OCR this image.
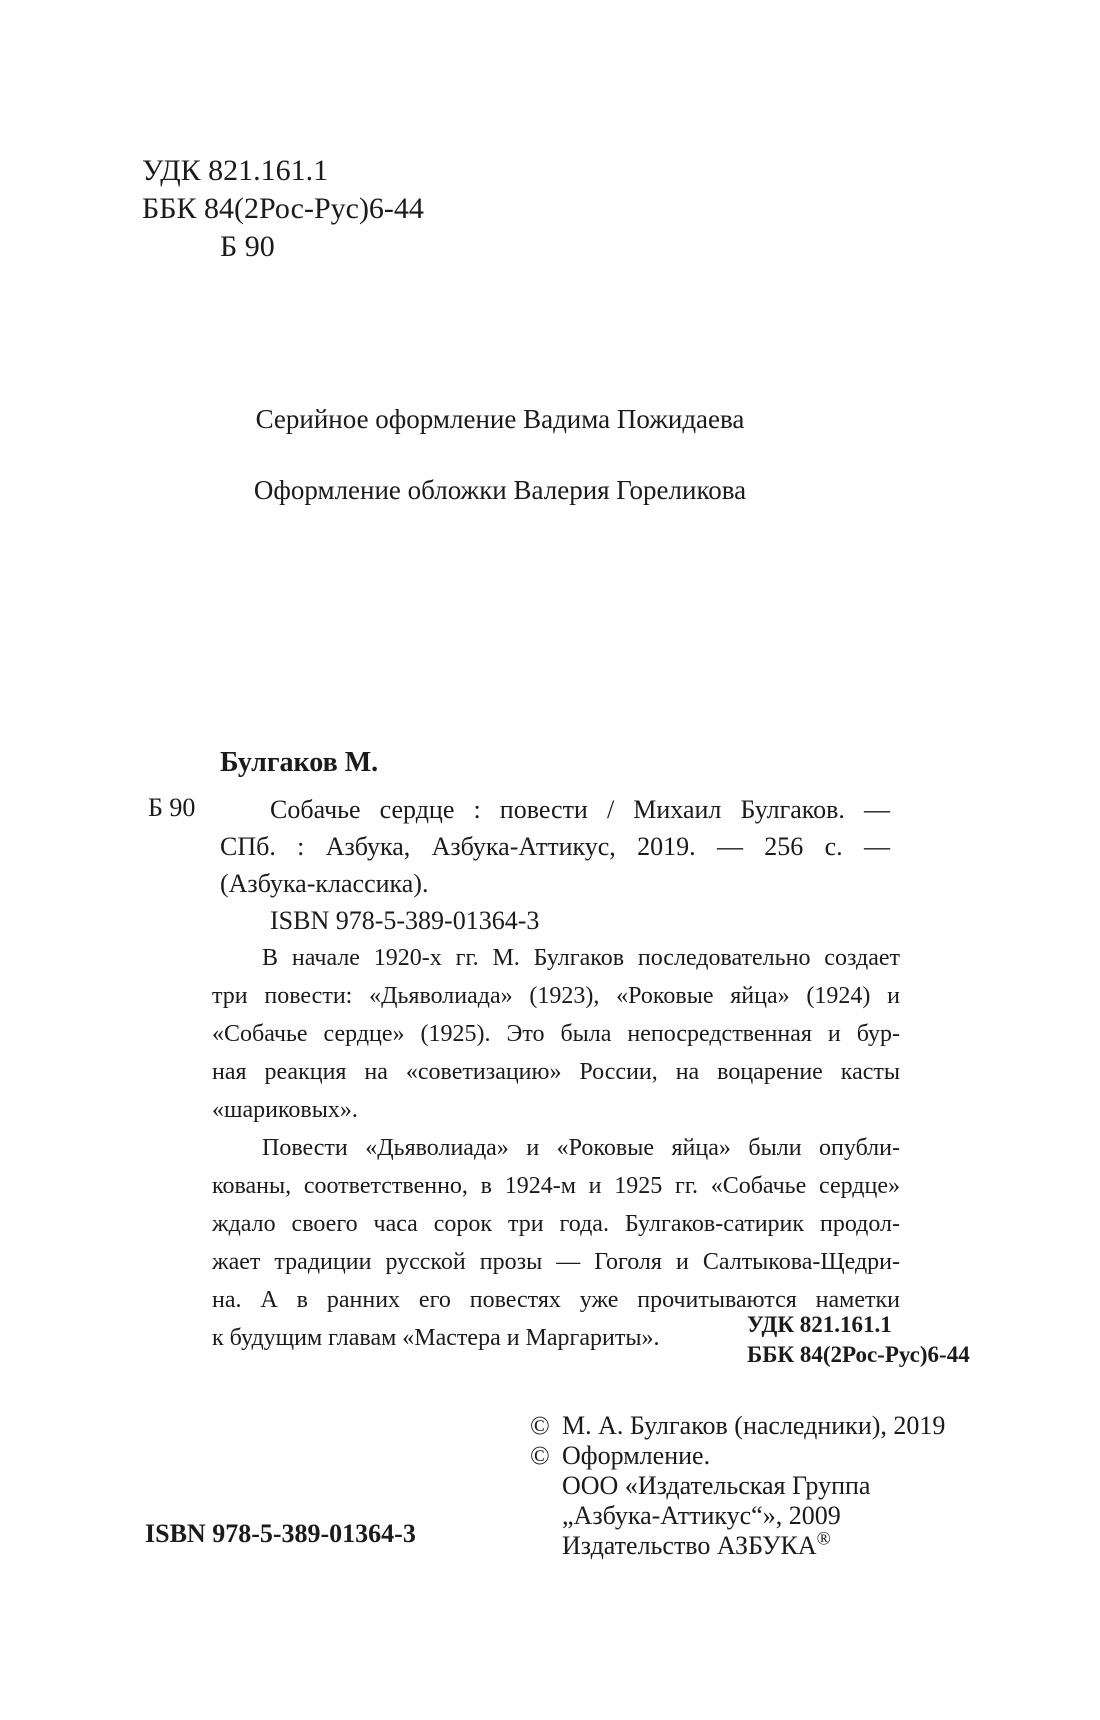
УДК 821.161.1
ББК 84(2Рос-Рус)6-44
Б 90
Серийное оформление Вадима Пожидаева
Оформление обложки Валерия Гореликова
Булгаков М.
Б 90	Собачье сердце : повести / Михаил Булгаков. —
СПб. : Азбука, Азбука-Аттикус, 2019. — 256 с. —
(Азбука-классика).
ISBN 978-5-389-01364-3
В начале 1920-х гг. М. Булгаков последовательно создает
три повести: «Дьяволиада» (1923), «Роковые яйца» (1924) и
«Собачье сердце» (1925). Это была непосредственная и бур-
ная реакция на «советизацию» России, на воцарение касты
«шариковых».
Повести «Дьяволиада» и «Роковые яйца» были опубли-
кованы, соответственно, в 1924-м и 1925 гг. «Собачье сердце»
ждало своего часа сорок три года. Булгаков-сатирик продол-
жает традиции русской прозы — Гоголя и Салтыкова-Щедри-
на. А в ранних его повестях уже прочитываются наметки
к будущим главам «Мастера и Маргариты».
УДК 821.161.1
ББК 84(2Рос-Рус)6-44
© М. А. Булгаков (наследники), 2019
© Оформление.
ООО «Издательская Группа
„Азбука-Аттикус“», 2009
Издательство АЗБУКА®
ISBN 978-5-389-01364-3
